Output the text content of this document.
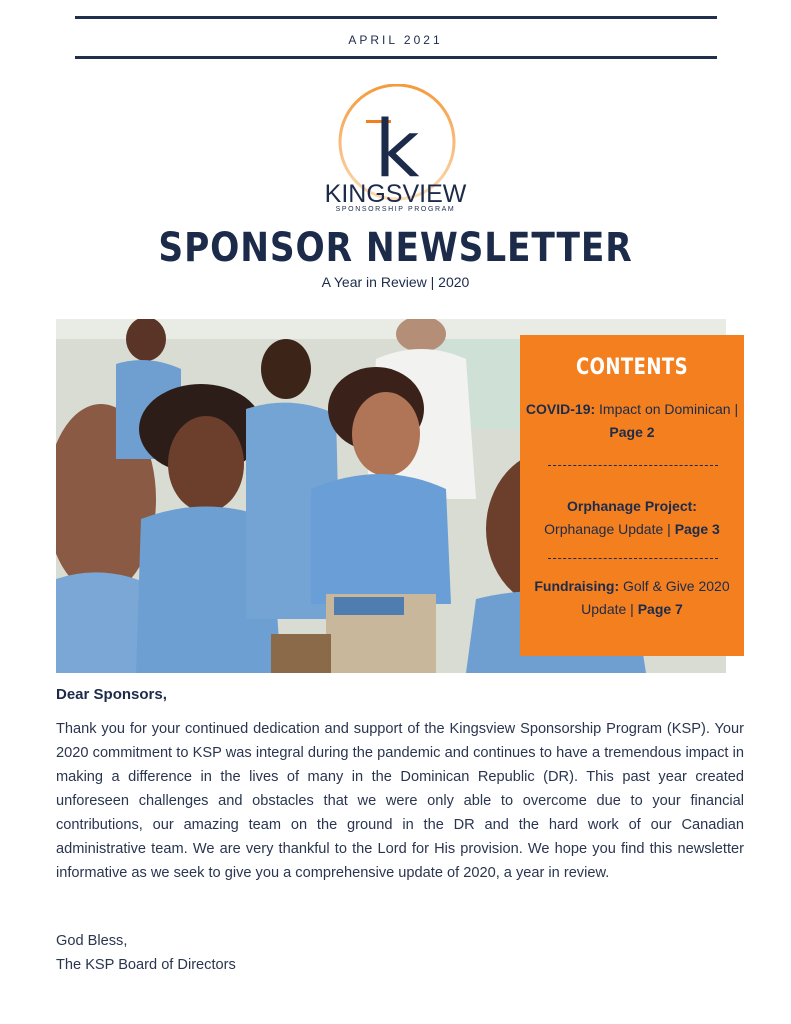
APRIL 2021
k
KINGSVIEW
SPONSORSHIP PROGRAM
SPONSOR NEWSLETTER
A Year in Review | 2020
CONTENTS
COVID-19: Impact on Dominican | Page 2
Orphanage Project:
Orphanage Update | Page 3
Fundraising: Golf & Give 2020 Update | Page 7
Dear Sponsors,
Thank you for your continued dedication and support of the Kingsview Sponsorship Program (KSP). Your 2020 commitment to KSP was integral during the pandemic and continues to have a tremendous impact in making a difference in the lives of many in the Dominican Republic (DR). This past year created unforeseen challenges and obstacles that we were only able to overcome due to your financial contributions, our amazing team on the ground in the DR and the hard work of our Canadian administrative team. We are very thankful to the Lord for His provision. We hope you find this newsletter informative as we seek to give you a comprehensive update of 2020, a year in review.
God Bless,
The KSP Board of Directors
